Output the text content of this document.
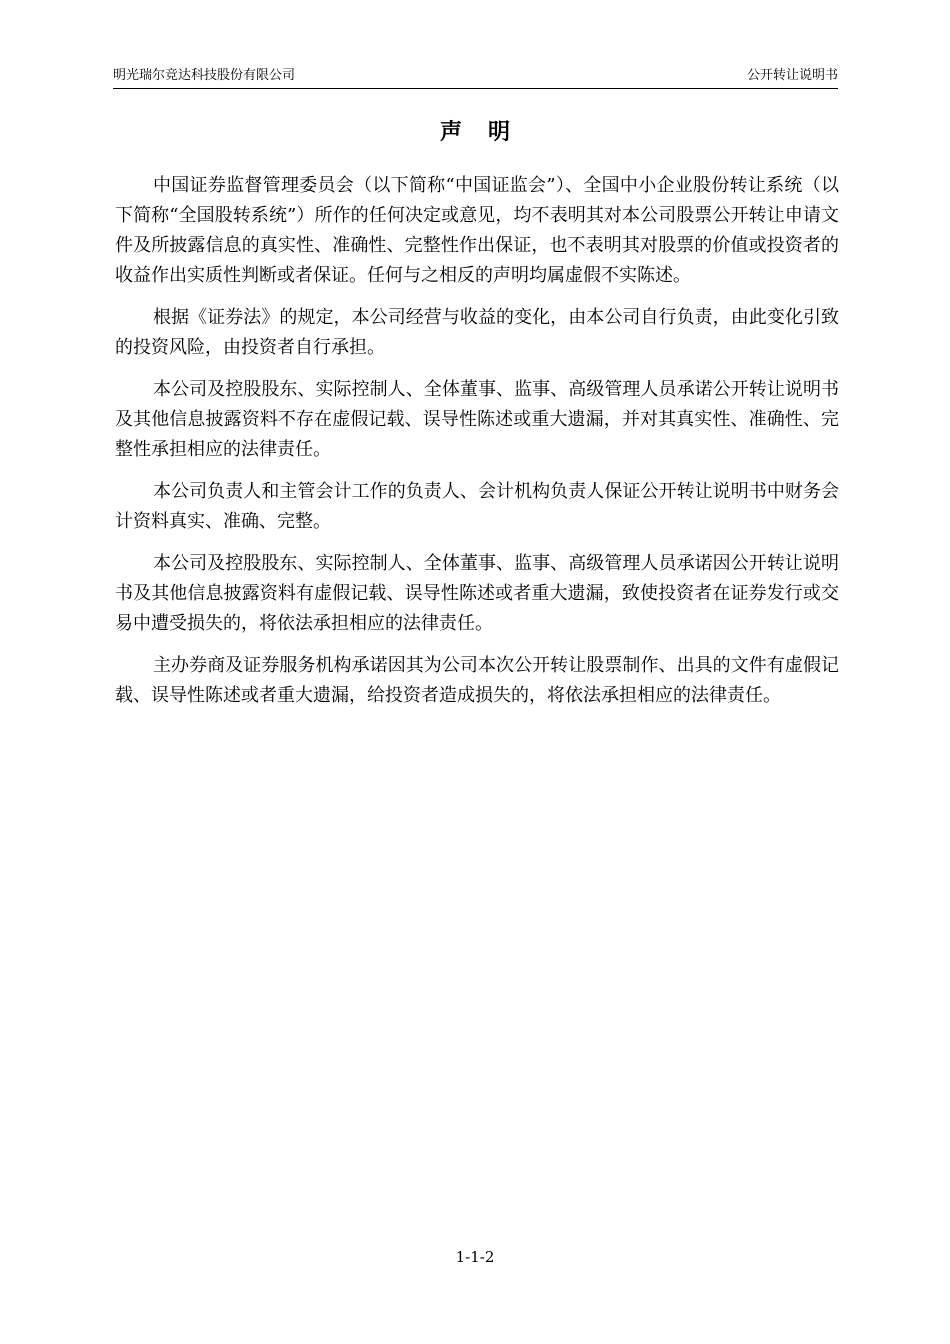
明光瑞尔竞达科技股份有限公司	公开转让说明书
声明

中国证券监督管理委员会（以下简称“中国证监会”）、全国中小企业股份转让系统（以下简称“全国股转系统”）所作的任何决定或意见，均不表明其对本公司股票公开转让申请文件及所披露信息的真实性、准确性、完整性作出保证，也不表明其对股票的价值或投资者的收益作出实质性判断或者保证。任何与之相反的声明均属虚假不实陈述。

根据《证券法》的规定，本公司经营与收益的变化，由本公司自行负责，由此变化引致的投资风险，由投资者自行承担。

本公司及控股股东、实际控制人、全体董事、监事、高级管理人员承诺公开转让说明书及其他信息披露资料不存在虚假记载、误导性陈述或重大遗漏，并对其真实性、准确性、完整性承担相应的法律责任。

本公司负责人和主管会计工作的负责人、会计机构负责人保证公开转让说明书中财务会计资料真实、准确、完整。

本公司及控股股东、实际控制人、全体董事、监事、高级管理人员承诺因公开转让说明书及其他信息披露资料有虚假记载、误导性陈述或者重大遗漏，致使投资者在证券发行或交易中遭受损失的，将依法承担相应的法律责任。

主办券商及证券服务机构承诺因其为公司本次公开转让股票制作、出具的文件有虚假记载、误导性陈述或者重大遗漏，给投资者造成损失的，将依法承担相应的法律责任。

1-1-2
